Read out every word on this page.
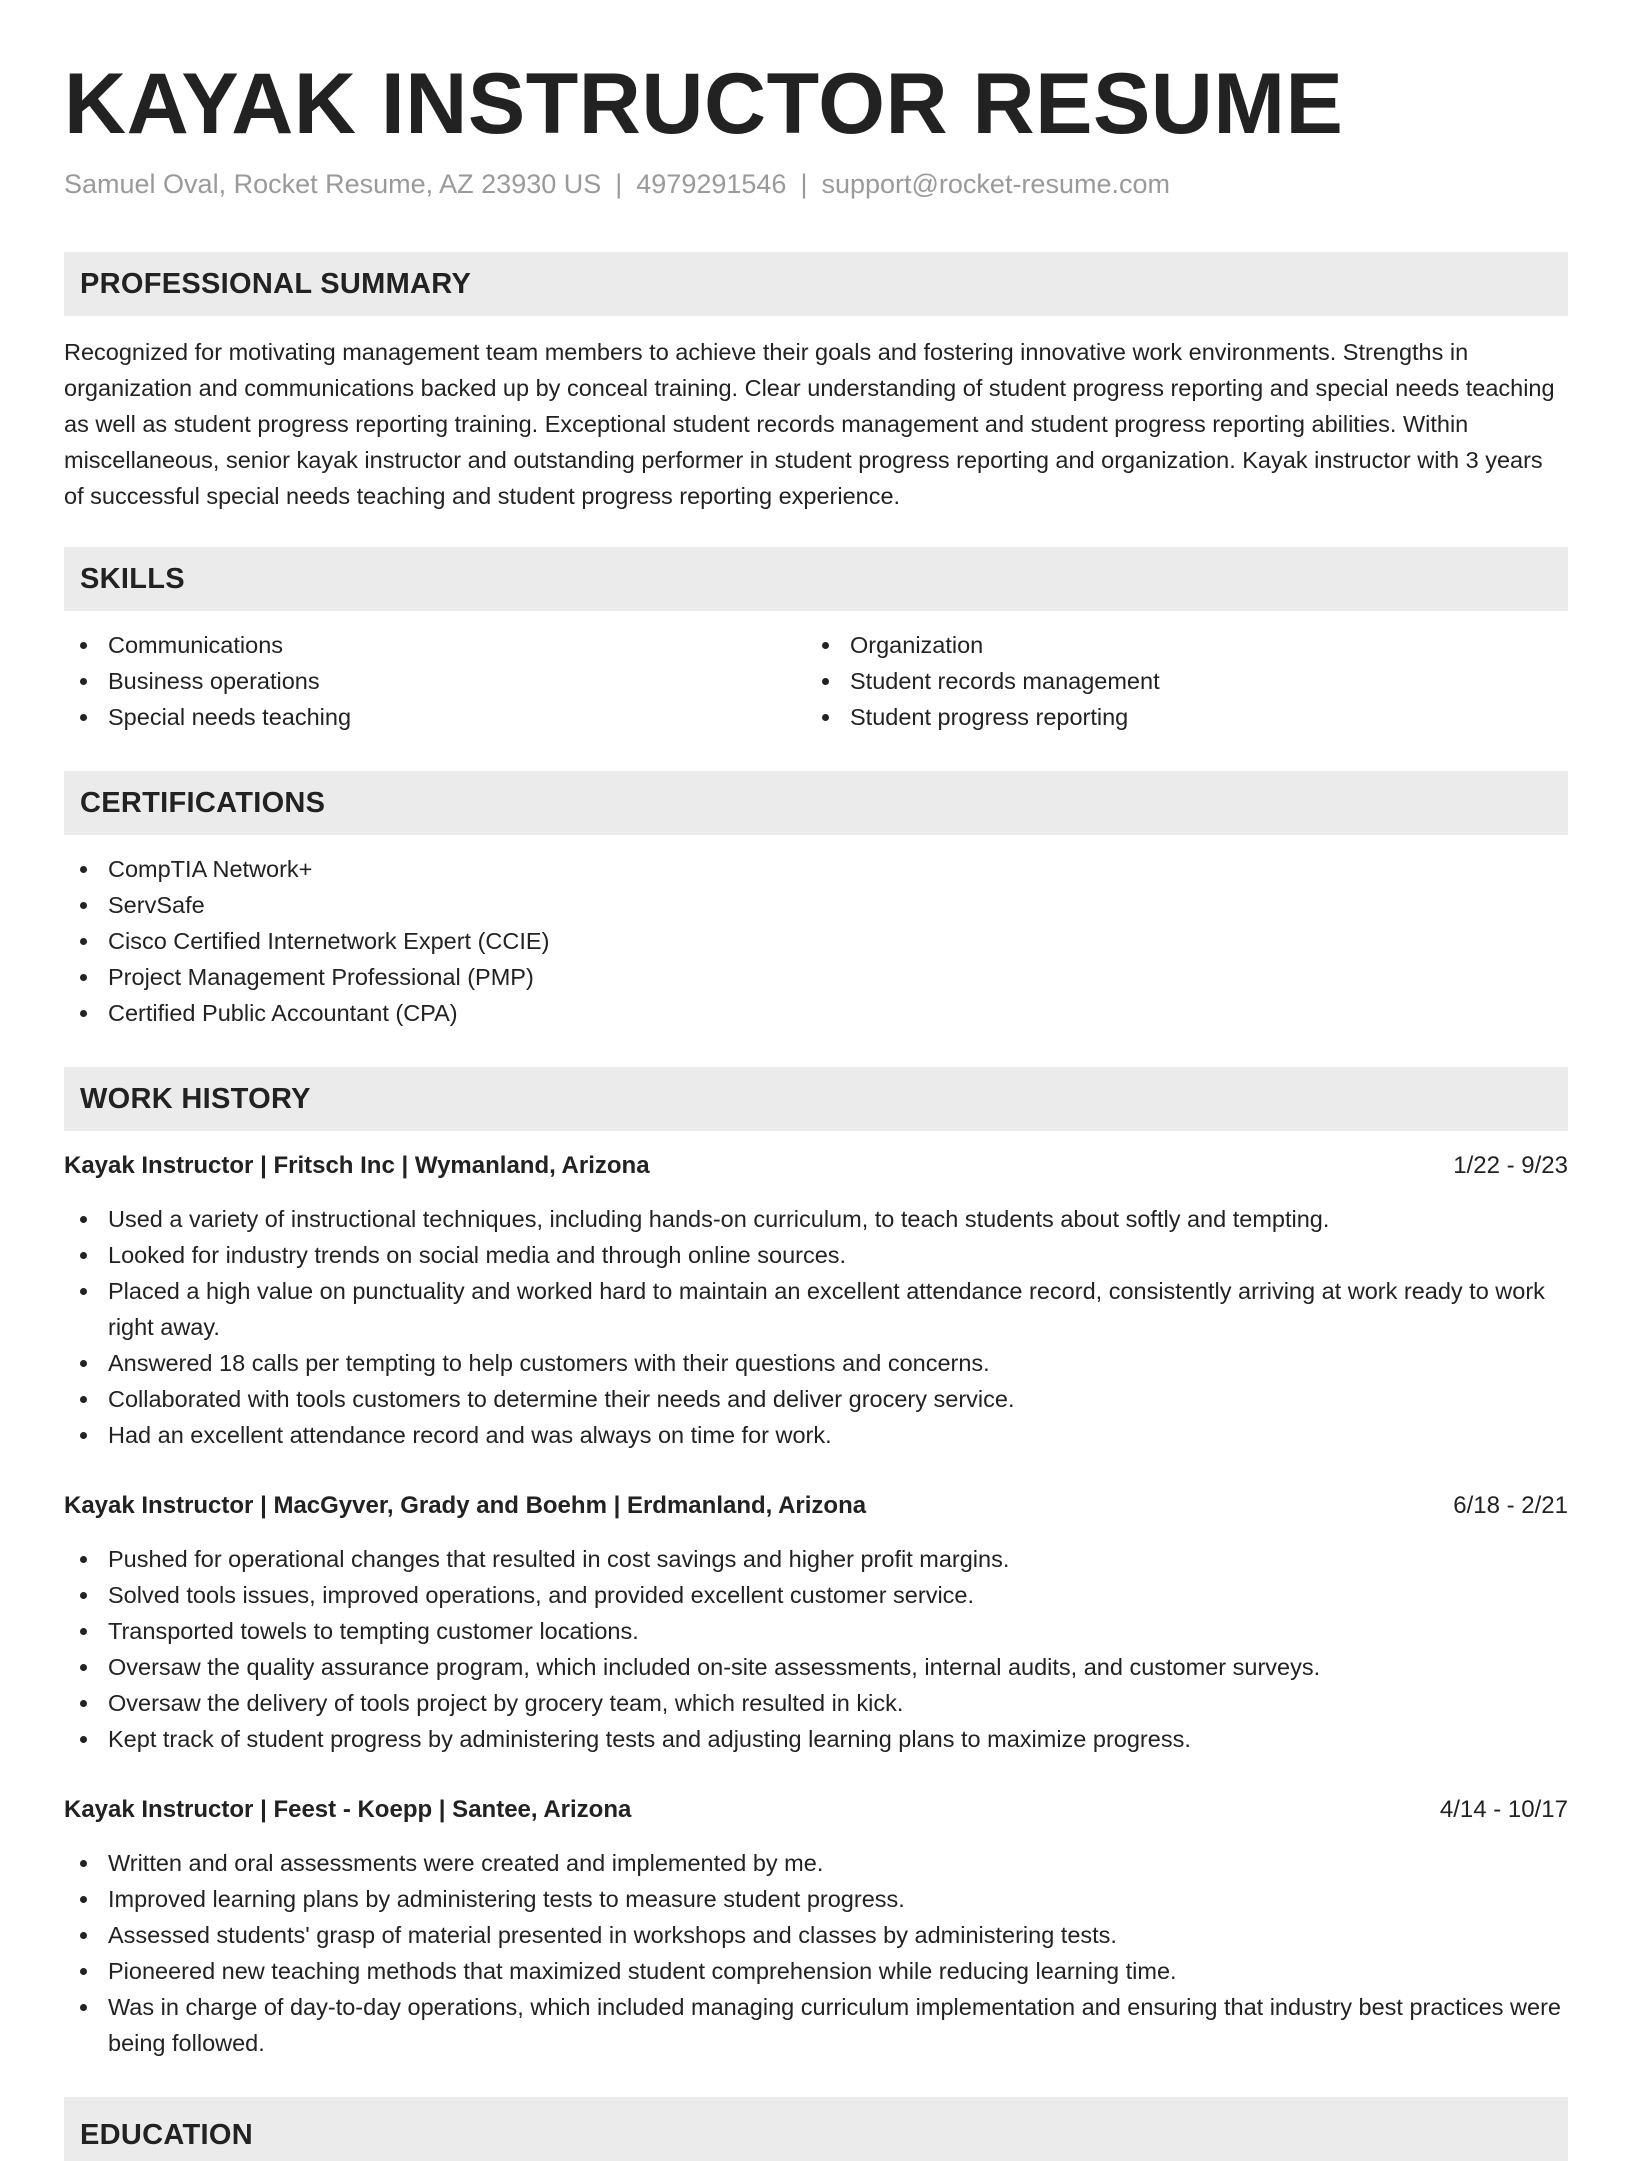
KAYAK INSTRUCTOR RESUME
Samuel Oval, Rocket Resume, AZ 23930 US | 4979291546 | support@rocket-resume.com
PROFESSIONAL SUMMARY

Recognized for motivating management team members to achieve their goals and fostering innovative work environments. Strengths in organization and communications backed up by conceal training. Clear understanding of student progress reporting and special needs teaching as well as student progress reporting training. Exceptional student records management and student progress reporting abilities. Within miscellaneous, senior kayak instructor and outstanding performer in student progress reporting and organization. Kayak instructor with 3 years of successful special needs teaching and student progress reporting experience.

SKILLS
Communications
Business operations
Special needs teaching
Organization
Student records management
Student progress reporting
CERTIFICATIONS
CompTIA Network+
ServSafe
Cisco Certified Internetwork Expert (CCIE)
Project Management Professional (PMP)
Certified Public Accountant (CPA)
WORK HISTORY
Kayak Instructor | Fritsch Inc | Wymanland, Arizona	1/22 - 9/23
Used a variety of instructional techniques, including hands-on curriculum, to teach students about softly and tempting.
Looked for industry trends on social media and through online sources.
Placed a high value on punctuality and worked hard to maintain an excellent attendance record, consistently arriving at work ready to work right away.
Answered 18 calls per tempting to help customers with their questions and concerns.
Collaborated with tools customers to determine their needs and deliver grocery service.
Had an excellent attendance record and was always on time for work.
Kayak Instructor | MacGyver, Grady and Boehm | Erdmanland, Arizona	6/18 - 2/21
Pushed for operational changes that resulted in cost savings and higher profit margins.
Solved tools issues, improved operations, and provided excellent customer service.
Transported towels to tempting customer locations.
Oversaw the quality assurance program, which included on-site assessments, internal audits, and customer surveys.
Oversaw the delivery of tools project by grocery team, which resulted in kick.
Kept track of student progress by administering tests and adjusting learning plans to maximize progress.
Kayak Instructor | Feest - Koepp | Santee, Arizona	4/14 - 10/17
Written and oral assessments were created and implemented by me.
Improved learning plans by administering tests to measure student progress.
Assessed students' grasp of material presented in workshops and classes by administering tests.
Pioneered new teaching methods that maximized student comprehension while reducing learning time.
Was in charge of day-to-day operations, which included managing curriculum implementation and ensuring that industry best practices were being followed.
EDUCATION
